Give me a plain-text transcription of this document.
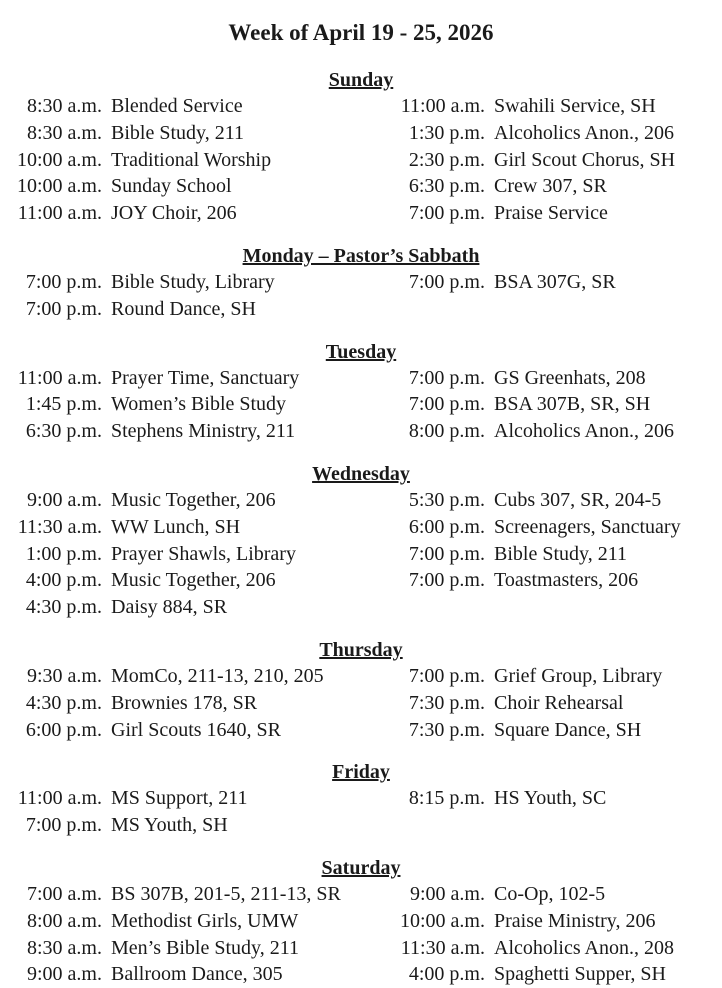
Week of April 19 - 25, 2026
Sunday
8:30 a.m. Blended Service
8:30 a.m. Bible Study, 211
10:00 a.m. Traditional Worship
10:00 a.m. Sunday School
11:00 a.m. JOY Choir, 206
11:00 a.m. Swahili Service, SH
1:30 p.m. Alcoholics Anon., 206
2:30 p.m. Girl Scout Chorus, SH
6:30 p.m. Crew 307, SR
7:00 p.m. Praise Service
Monday – Pastor’s Sabbath
7:00 p.m. Bible Study, Library
7:00 p.m. Round Dance, SH
7:00 p.m. BSA 307G, SR
Tuesday
11:00 a.m. Prayer Time, Sanctuary
1:45 p.m. Women’s Bible Study
6:30 p.m. Stephens Ministry, 211
7:00 p.m. GS Greenhats, 208
7:00 p.m. BSA 307B, SR, SH
8:00 p.m. Alcoholics Anon., 206
Wednesday
9:00 a.m. Music Together, 206
11:30 a.m. WW Lunch, SH
1:00 p.m. Prayer Shawls, Library
4:00 p.m. Music Together, 206
4:30 p.m. Daisy 884, SR
5:30 p.m. Cubs 307, SR, 204-5
6:00 p.m. Screenagers, Sanctuary
7:00 p.m. Bible Study, 211
7:00 p.m. Toastmasters, 206
Thursday
9:30 a.m. MomCo, 211-13, 210, 205
4:30 p.m. Brownies 178, SR
6:00 p.m. Girl Scouts 1640, SR
7:00 p.m. Grief Group, Library
7:30 p.m. Choir Rehearsal
7:30 p.m. Square Dance, SH
Friday
11:00 a.m. MS Support, 211
7:00 p.m. MS Youth, SH
8:15 p.m. HS Youth, SC
Saturday
7:00 a.m. BS 307B, 201-5, 211-13, SR
8:00 a.m. Methodist Girls, UMW
8:30 a.m. Men’s Bible Study, 211
9:00 a.m. Ballroom Dance, 305
9:00 a.m. Co-Op, 102-5
10:00 a.m. Praise Ministry, 206
11:30 a.m. Alcoholics Anon., 208
4:00 p.m. Spaghetti Supper, SH
